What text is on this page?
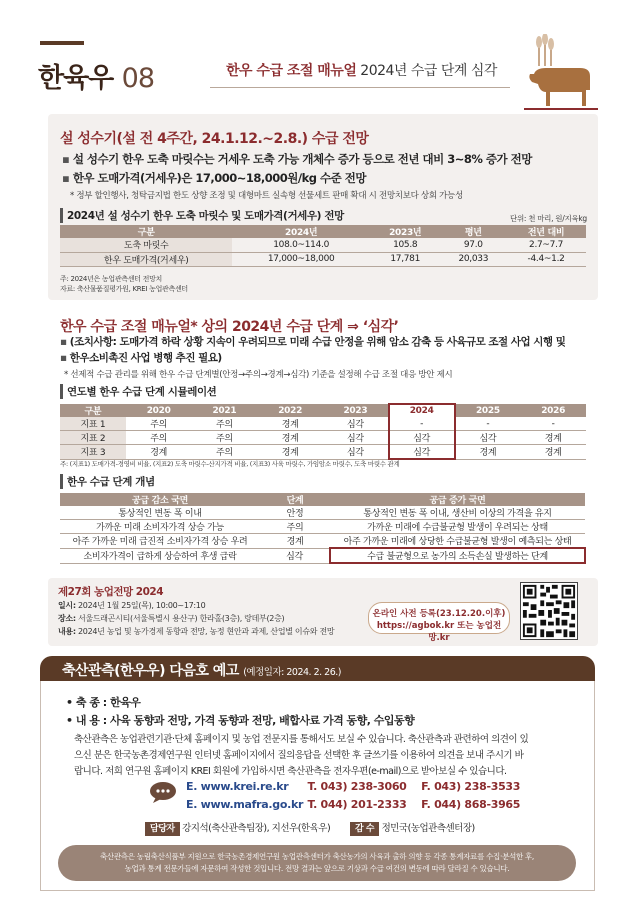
한육우 08	한우 수급 조절 매뉴얼 2024년 수급 단계 심각
설 성수기(설 전 4주간, 24.1.12.~2.8.) 수급 전망
▪ 설 성수기 한우 도축 마릿수는 거세우 도축 가능 개체수 증가 등으로 전년 대비 3~8% 증가 전망
▪ 한우 도매가격(거세우)은 17,000~18,000원/kg 수준 전망
* 정부 할인행사, 청탁금지법 한도 상향 조정 및 대형마트 실속형 선물세트 판매 확대 시 전망치보다 상회 가능성
2024년 설 성수기 한우 도축 마릿수 및 도매가격(거세우) 전망	단위: 천 마리, 원/지육kg
구분	2024년	2023년	평년	전년 대비
도축 마릿수	108.0~114.0	105.8	97.0	2.7~7.7
한우 도매가격(거세우)	17,000~18,000	17,781	20,033	-4.4~1.2
주: 2024년은 농업관측센터 전망치
자료: 축산물품질평가원, KREI 농업관측센터
한우 수급 조절 매뉴얼* 상의 2024년 수급 단계 ⇒ ‘심각’
▪ (조치사항: 도매가격 하락 상황 지속이 우려되므로 미래 수급 안정을 위해 암소 감축 등 사육규모 조절 사업 시행 및
▪ 한우소비촉진 사업 병행 추진 필요)
* 선제적 수급 관리를 위해 한우 수급 단계별(안정→주의→경계→심각) 기준을 설정해 수급 조절 대응 방안 제시
연도별 한우 수급 단계 시뮬레이션
구분	2020	2021	2022	2023	2024	2025	2026
지표 1	주의	주의	경계	심각	-	-	-
지표 2	주의	주의	경계	심각	심각	심각	경계
지표 3	경계	주의	경계	심각	심각	경계	경계
주: (지표1) 도매가격-경영비 비율, (지표2) 도축 마릿수-산지가격 비율, (지표3) 사육 마릿수, 가임암소 마릿수, 도축 마릿수 관계
한우 수급 단계 개념
공급 감소 국면	단계	공급 증가 국면
통상적인 변동 폭 이내	안정	통상적인 변동 폭 이내, 생산비 이상의 가격을 유지
가까운 미래 소비자가격 상승 가능	주의	가까운 미래에 수급불균형 발생이 우려되는 상태
아주 가까운 미래 급진적 소비자가격 상승 우려	경계	아주 가까운 미래에 상당한 수급불균형 발생이 예측되는 상태
소비자가격이 급하게 상승하여 후생 급락	심각	수급 불균형으로 농가의 소득손실 발생하는 단계
제27회 농업전망 2024
일시: 2024년 1월 25일(목), 10:00~17:10
장소: 서울드래곤시티(서울특별시 용산구) 한라홀(3층), 랑데부(2층)
내용: 2024년 농업 및 농가경제 동향과 전망, 농정 현안과 과제, 산업별 이슈와 전망
온라인 사전 등록(23.12.20.이후)
https://agbok.kr 또는 농업전망.kr
축산관측(한우우) 다음호 예고 (예정일자: 2024. 2. 26.)
• 축 종 : 한육우
• 내 용 : 사육 동향과 전망, 가격 동향과 전망, 배합사료 가격 동향, 수입동향
축산관측은 농업관련기관·단체 홈페이지 및 농업 전문지를 통해서도 보실 수 있습니다. 축산관측과 관련하여 의견이 있
으신 분은 한국농촌경제연구원 인터넷 홈페이지에서 질의응답을 선택한 후 글쓰기를 이용하여 의견을 보내 주시기 바
랍니다. 저희 연구원 홈페이지 KREI 회원에 가입하시면 축산관측을 전자우편(e-mail)으로 받아보실 수 있습니다.
E. www.krei.re.kr T. 043) 238-3060 F. 043) 238-3533
E. www.mafra.go.kr T. 044) 201-2333 F. 044) 868-3965
담당자 강지석(축산관측팀장), 지선우(한육우)	감 수 정민국(농업관측센터장)
축산관측은 농림축산식품부 지원으로 한국농촌경제연구원 농업관측센터가 축산농가의 사육과 출하 의향 등 각종 통계자료를 수집·분석한 후,
농업과 통계 전문가들에 자문하여 작성한 것입니다. 전망 결과는 앞으로 기상과 수급 여건의 변동에 따라 달라질 수 있습니다.
